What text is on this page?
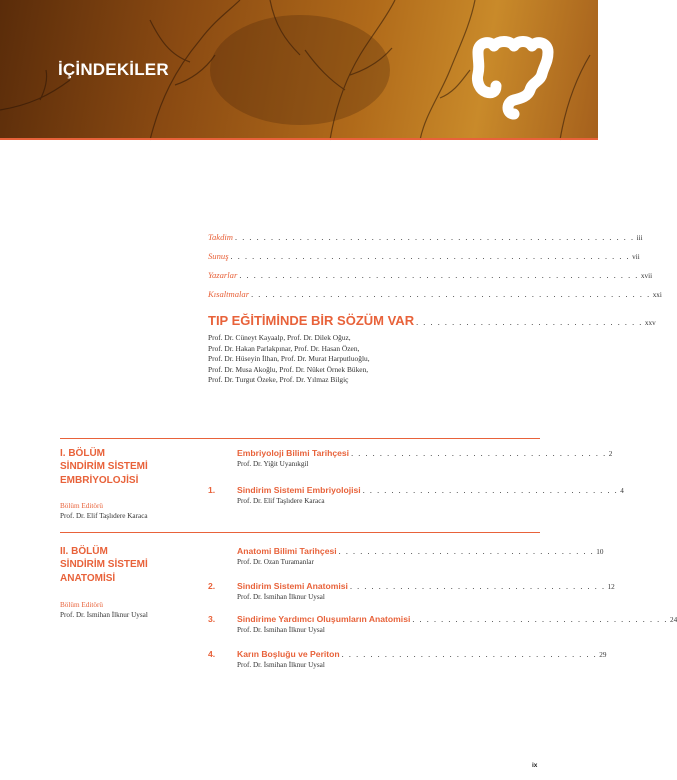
İÇİNDEKİLER
Takdim . . . . . . . . . . . . . . . . . . . . . . . . . . . . . . . . . . . . . . . . . . . . . . . . . . . . . . . . iii
Sunuş . . . . . . . . . . . . . . . . . . . . . . . . . . . . . . . . . . . . . . . . . . . . . . . . . . . . . . . . vii
Yazarlar . . . . . . . . . . . . . . . . . . . . . . . . . . . . . . . . . . . . . . . . . . . . . . . . . . . . . . . . xvii
Kısaltmalar . . . . . . . . . . . . . . . . . . . . . . . . . . . . . . . . . . . . . . . . . . . . . . . . . . . . . . . . xxi
TIP EĞİTİMİNDE BİR SÖZÜM VAR . . . . . . . . . . . . . . . . . . . . . . . . . . . . . . . . xxv
Prof. Dr. Cüneyt Kayaalp, Prof. Dr. Dilek Oğuz,
Prof. Dr. Hakan Parlakpınar, Prof. Dr. Hasan Özen,
Prof. Dr. Hüseyin İlhan, Prof. Dr. Murat Harputluoğlu,
Prof. Dr. Musa Akoğlu, Prof. Dr. Nüket Örnek Büken,
Prof. Dr. Turgut Özeke, Prof. Dr. Yılmaz Bilgiç
I. BÖLÜM
SİNDİRİM SİSTEMİ
EMBRİYOLOJİSİ
Bölüm Editörü
Prof. Dr. Elif Taşlıdere Karaca
Embriyoloji Bilimi Tarihçesi . . . . . . . . . . . . . . . . . . . . . . . . . . . . . . . . . . . . 2
Prof. Dr. Yiğit Uyanıkgil
1.	Sindirim Sistemi Embriyolojisi . . . . . . . . . . . . . . . . . . . . . . . . . . . . . . . . . . . . 4
Prof. Dr. Elif Taşlıdere Karaca
II. BÖLÜM
SİNDİRİM SİSTEMİ
ANATOMİSİ
Bölüm Editörü
Prof. Dr. İsmihan İlknur Uysal
Anatomi Bilimi Tarihçesi . . . . . . . . . . . . . . . . . . . . . . . . . . . . . . . . . . . . 10
Prof. Dr. Ozan Turamanlar
2.	Sindirim Sistemi Anatomisi . . . . . . . . . . . . . . . . . . . . . . . . . . . . . . . . . . . . 12
Prof. Dr. İsmihan İlknur Uysal
3.	Sindirime Yardımcı Oluşumların Anatomisi . . . . . . . . . . . . . . . . . . . . . . . . . . . . . . . . . . . . 24
Prof. Dr. İsmihan İlknur Uysal
4.	Karın Boşluğu ve Periton . . . . . . . . . . . . . . . . . . . . . . . . . . . . . . . . . . . . 29
Prof. Dr. İsmihan İlknur Uysal
ix
